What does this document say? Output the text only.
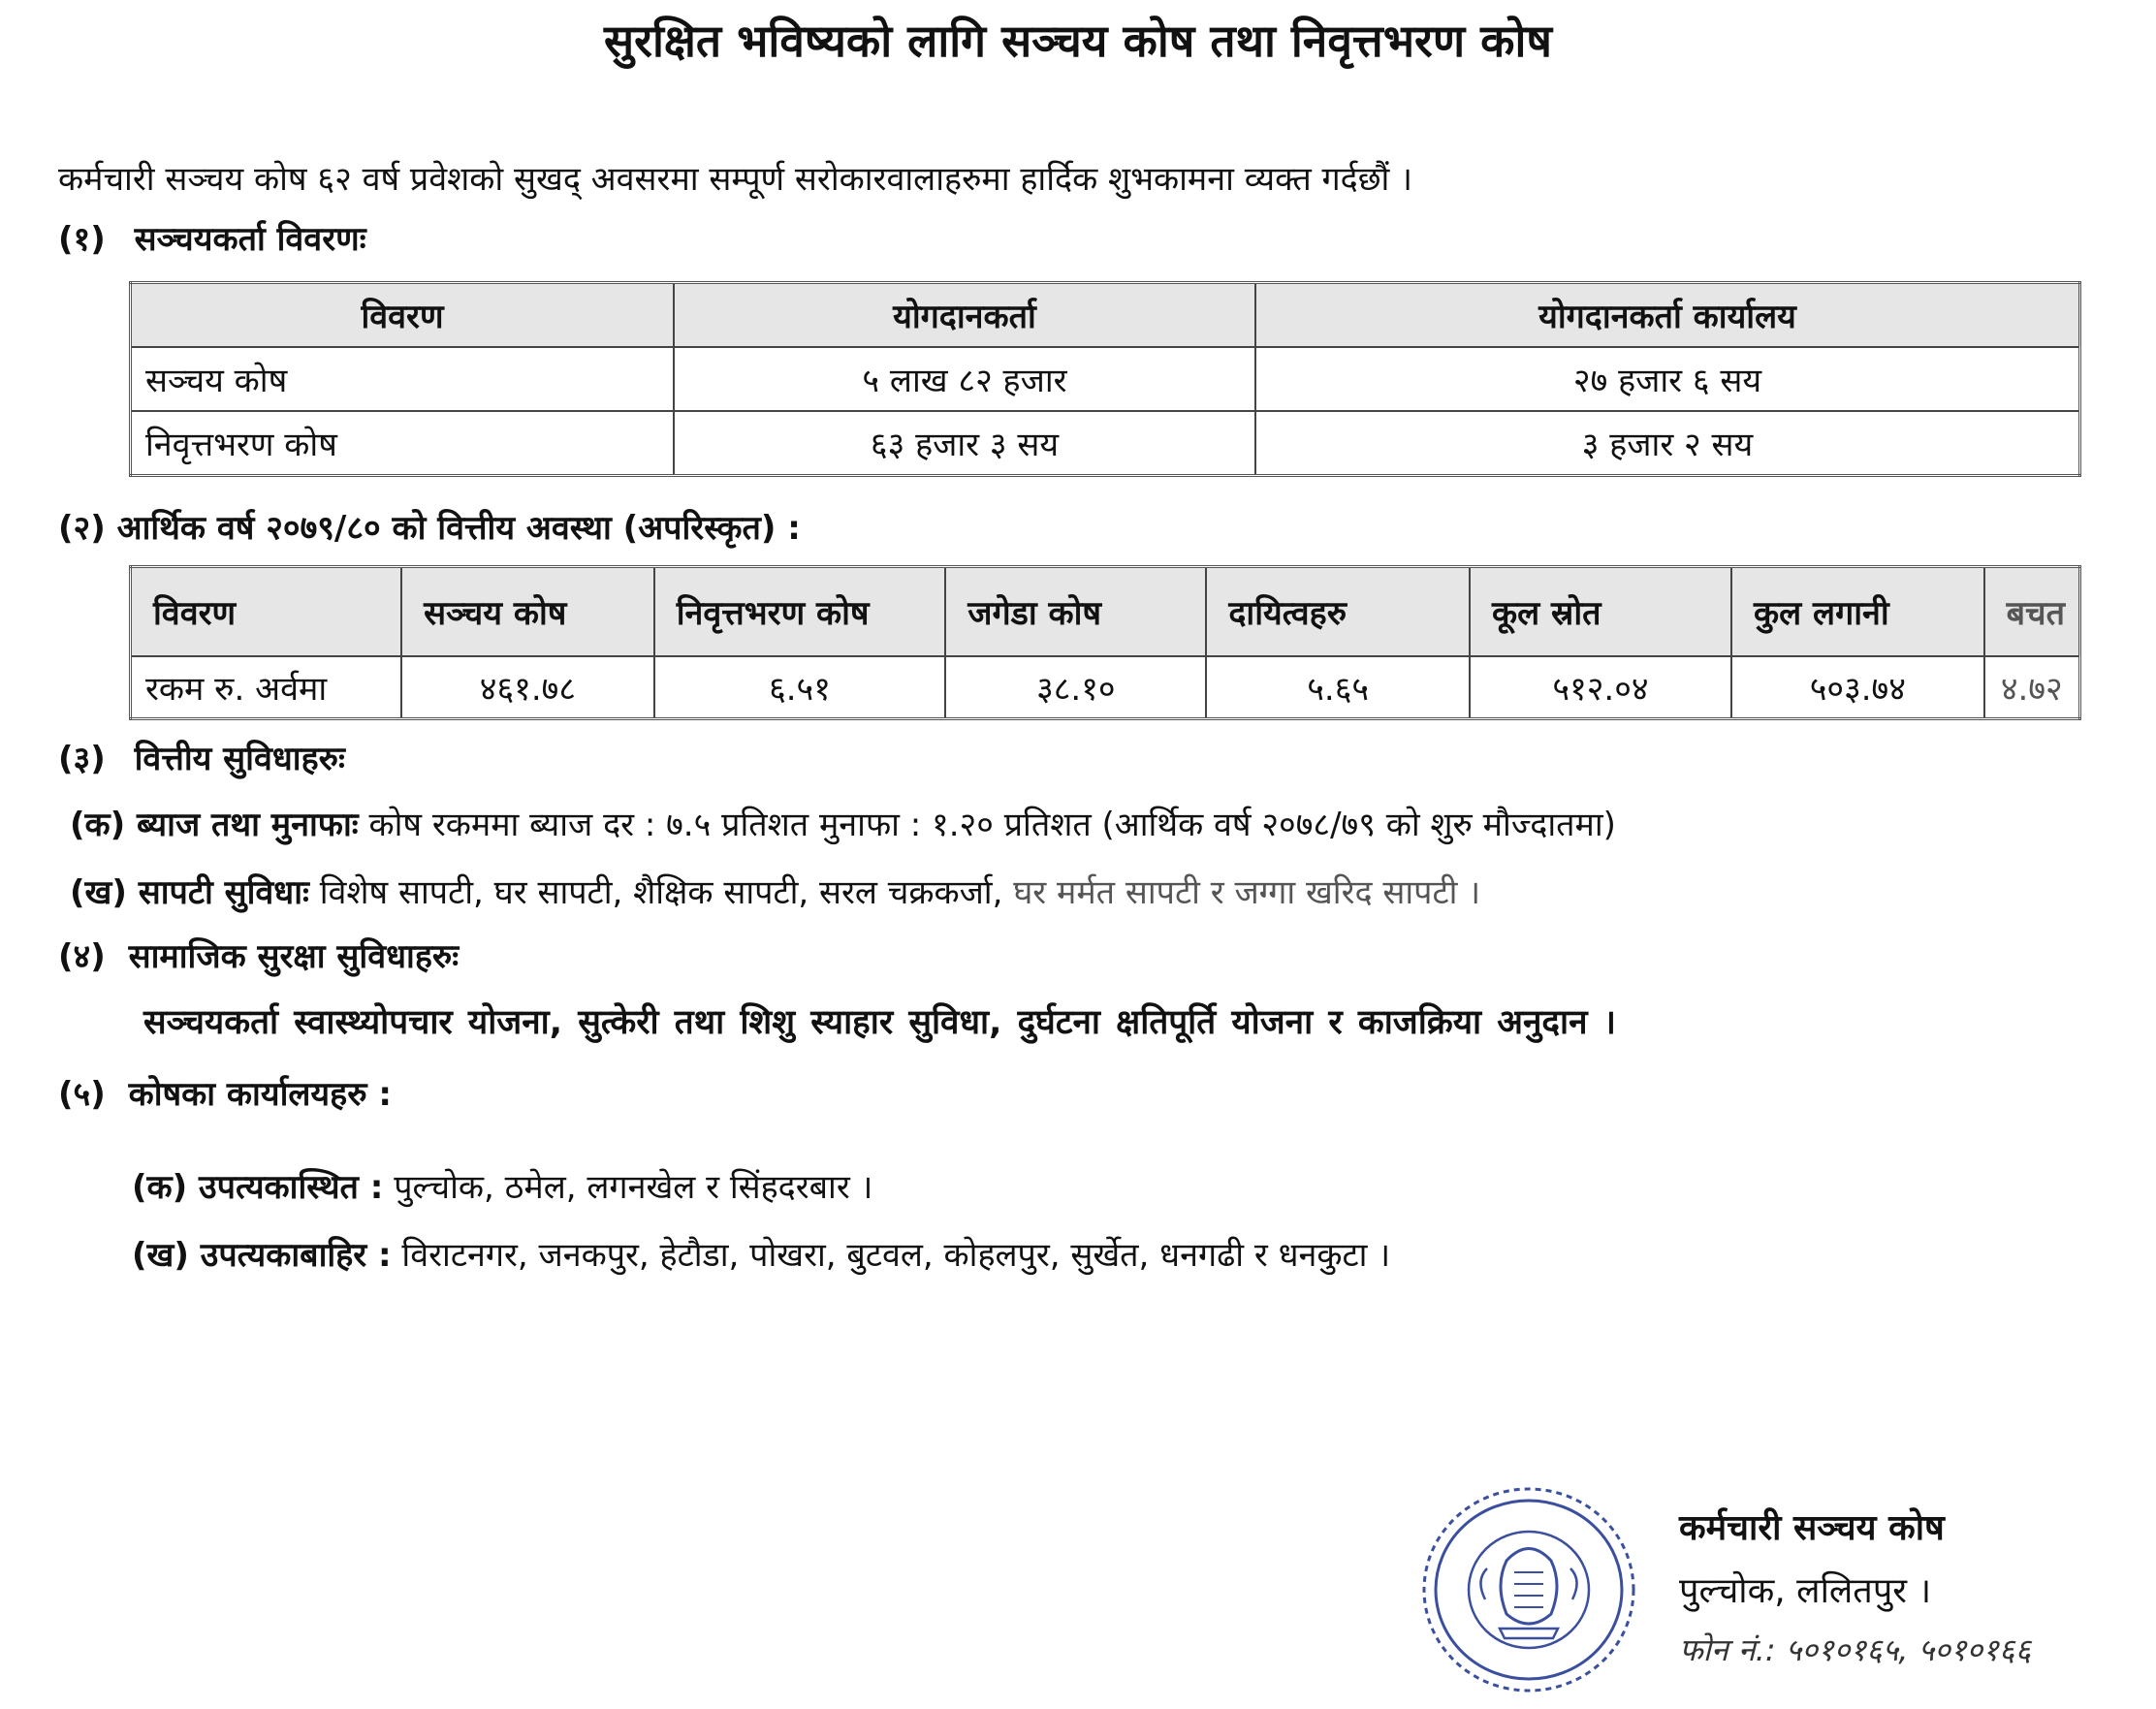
सुरक्षित भविष्यको लागि सञ्चय कोष तथा निवृत्तभरण कोष
कर्मचारी सञ्चय कोष ६२ वर्ष प्रवेशको सुखद् अवसरमा सम्पूर्ण सरोकारवालाहरुमा हार्दिक शुभकामना व्यक्त गर्दछौं ।
(१) सञ्चयकर्ता विवरणः
विवरण	योगदानकर्ता	योगदानकर्ता कार्यालय
सञ्चय कोष	५ लाख ८२ हजार	२७ हजार ६ सय
निवृत्तभरण कोष	६३ हजार ३ सय	३ हजार २ सय
(२) आर्थिक वर्ष २०७९/८० को वित्तीय अवस्था (अपरिस्कृत) :
विवरण	सञ्चय कोष	निवृत्तभरण कोष	जगेडा कोष	दायित्वहरु	कूल स्रोत	कुल लगानी	बचत
रकम रु. अर्वमा	४६१.७८	६.५१	३८.१०	५.६५	५१२.०४	५०३.७४	४.७२
(३) वित्तीय सुविधाहरुः
(क) ब्याज तथा मुनाफाः कोष रकममा ब्याज दर : ७.५ प्रतिशत मुनाफा : १.२० प्रतिशत (आर्थिक वर्ष २०७८/७९ को शुरु मौज्दातमा)
(ख) सापटी सुविधाः विशेष सापटी, घर सापटी, शैक्षिक सापटी, सरल चक्रकर्जा, घर मर्मत सापटी र जग्गा खरिद सापटी ।
(४) सामाजिक सुरक्षा सुविधाहरुः
सञ्चयकर्ता स्वास्थ्योपचार योजना, सुत्केरी तथा शिशु स्याहार सुविधा, दुर्घटना क्षतिपूर्ति योजना र काजक्रिया अनुदान ।
(५) कोषका कार्यालयहरु :
(क) उपत्यकास्थित : पुल्चोक, ठमेल, लगनखेल र सिंहदरबार ।
(ख) उपत्यकाबाहिर : विराटनगर, जनकपुर, हेटौडा, पोखरा, बुटवल, कोहलपुर, सुर्खेत, धनगढी र धनकुटा ।
कर्मचारी सञ्चय कोष
पुल्चोक, ललितपुर ।
फोन नं.: ५०१०१६५, ५०१०१६६
